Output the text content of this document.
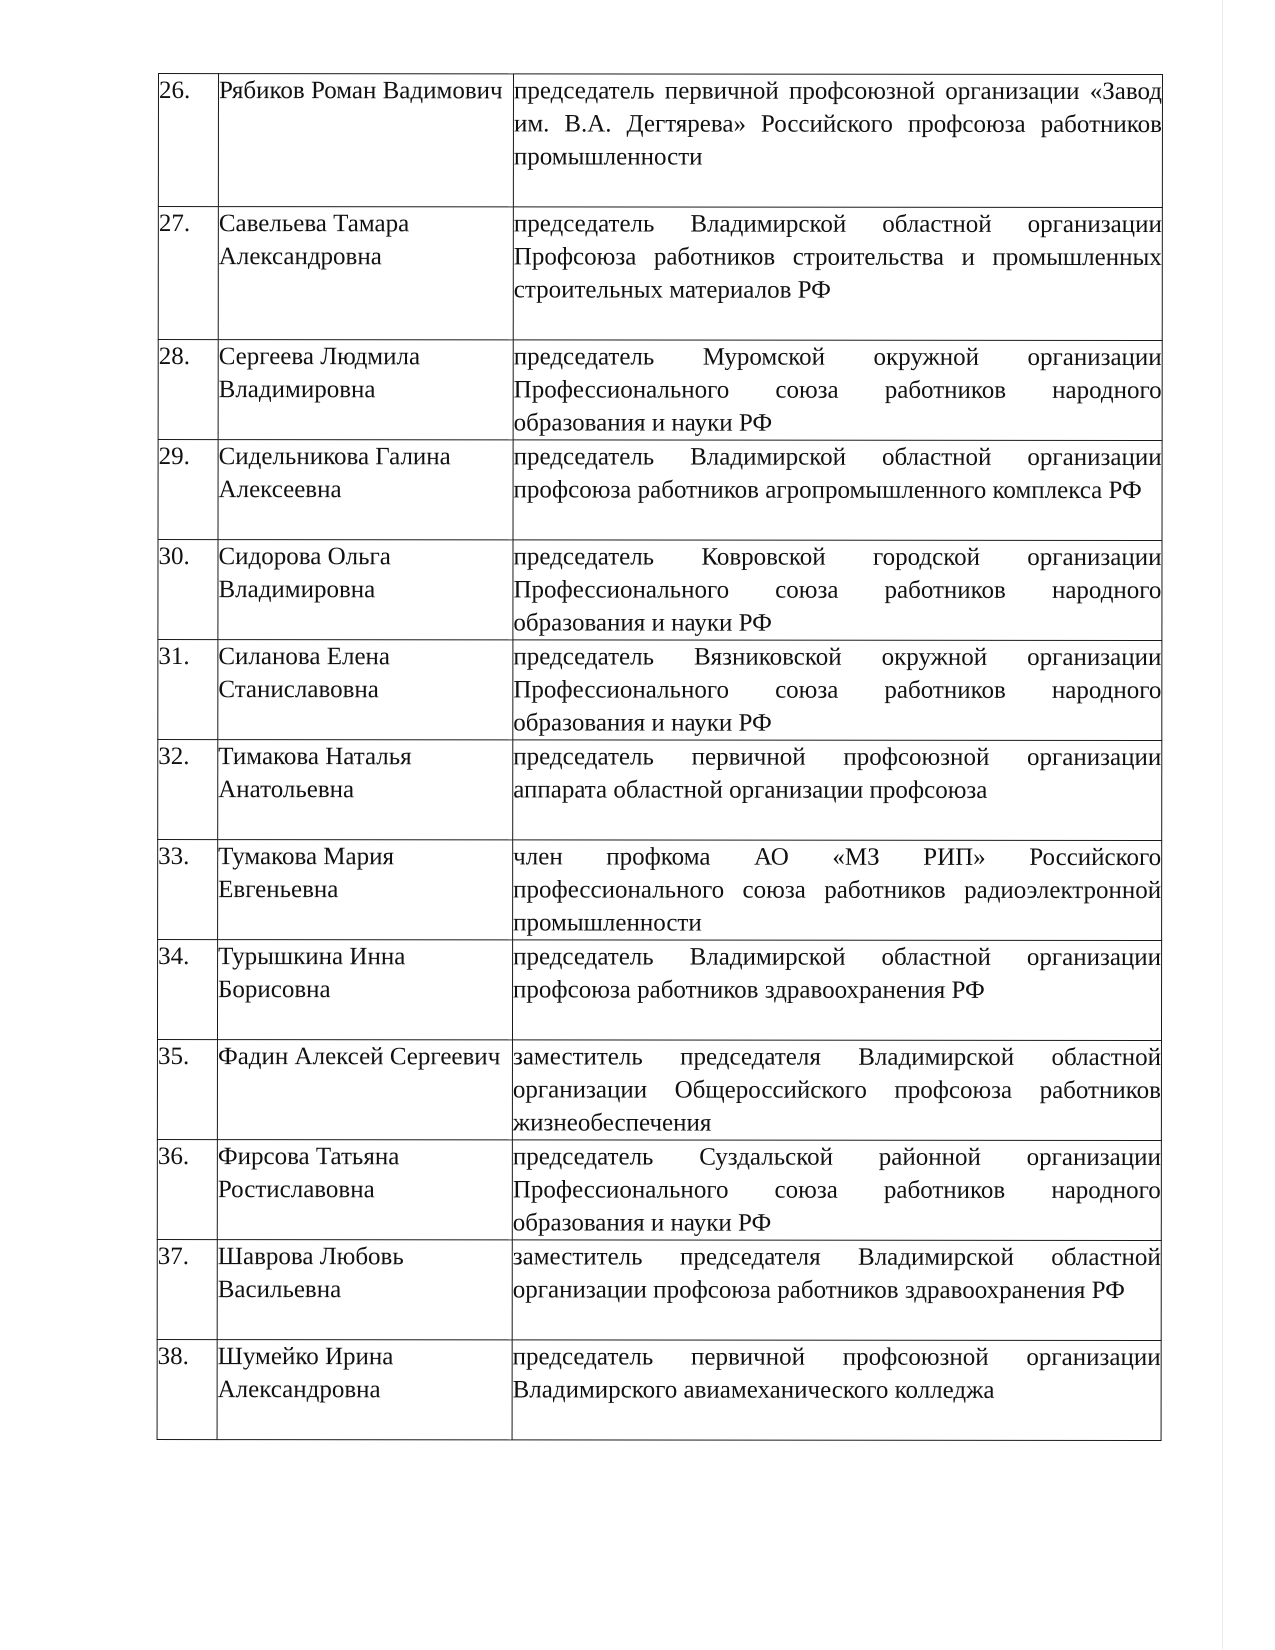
26.	Рябиков Роман Вадимович	председатель первичной профсоюзной организации «Завод им. В.А. Дегтярева» Российского профсоюза работников промышленности
27.	Савельева Тамара Александровна	председатель Владимирской областной организации Профсоюза работников строительства и промышленных строительных материалов РФ
28.	Сергеева Людмила Владимировна	председатель Муромской окружной организации Профессионального союза работников народного образования и науки РФ
29.	Сидельникова Галина Алексеевна	председатель Владимирской областной организации профсоюза работников агропромышленного комплекса РФ
30.	Сидорова Ольга Владимировна	председатель Ковровской городской организации Профессионального союза работников народного образования и науки РФ
31.	Силанова Елена Станиславовна	председатель Вязниковской окружной организации Профессионального союза работников народного образования и науки РФ
32.	Тимакова Наталья Анатольевна	председатель первичной профсоюзной организации аппарата областной организации профсоюза
33.	Тумакова Мария Евгеньевна	член профкома АО «МЗ РИП» Российского профессионального союза работников радиоэлектронной промышленности
34.	Турышкина Инна Борисовна	председатель Владимирской областной организации профсоюза работников здравоохранения РФ
35.	Фадин Алексей Сергеевич	заместитель председателя Владимирской областной организации Общероссийского профсоюза работников жизнеобеспечения
36.	Фирсова Татьяна Ростиславовна	председатель Суздальской районной организации Профессионального союза работников народного образования и науки РФ
37.	Шаврова Любовь Васильевна	заместитель председателя Владимирской областной организации профсоюза работников здравоохранения РФ
38.	Шумейко Ирина Александровна	председатель первичной профсоюзной организации Владимирского авиамеханического колледжа
